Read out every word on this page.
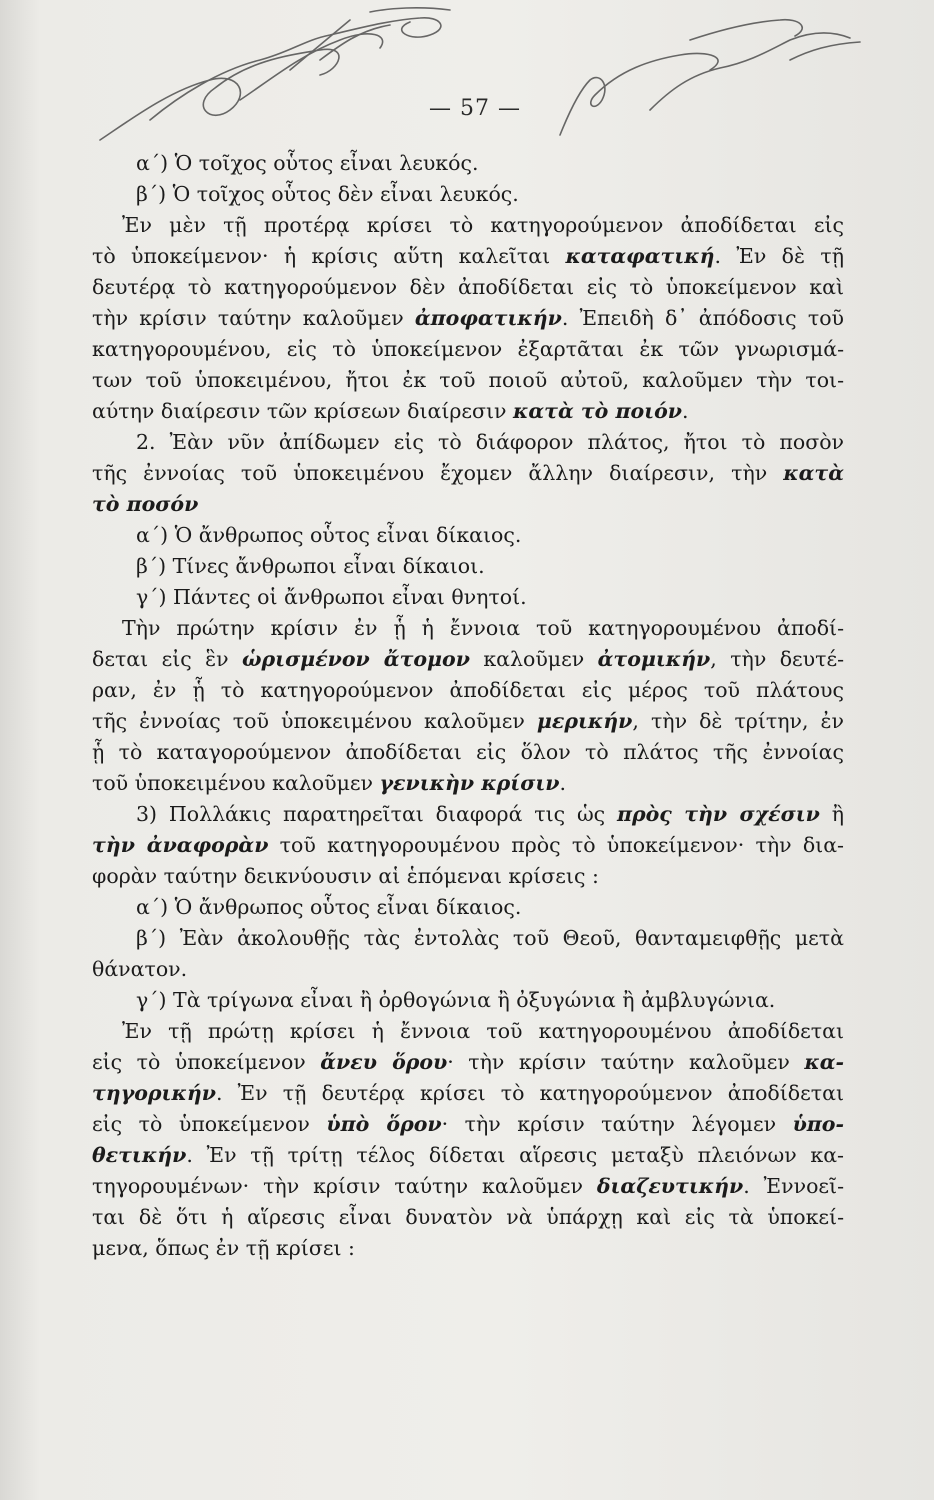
— 57 —
α΄) Ὁ τοῖχος οὗτος εἶναι λευκός.
β΄) Ὁ τοῖχος οὗτος δὲν εἶναι λευκός.
Ἐν μὲν τῇ προτέρᾳ κρίσει τὸ κατηγορούμενον ἀποδίδεται εἰς
τὸ ὑποκείμενον· ἡ κρίσις αὕτη καλεῖται καταφατική. Ἐν δὲ τῇ
δευτέρᾳ τὸ κατηγορούμενον δὲν ἀποδίδεται εἰς τὸ ὑποκείμενον καὶ
τὴν κρίσιν ταύτην καλοῦμεν ἀποφατικήν. Ἐπειδὴ δ᾽ ἀπόδοσις τοῦ
κατηγορουμένου, εἰς τὸ ὑποκείμενον ἐξαρτᾶται ἐκ τῶν γνωρισμά-
των τοῦ ὑποκειμένου, ἤτοι ἐκ τοῦ ποιοῦ αὐτοῦ, καλοῦμεν τὴν τοι-
αύτην διαίρεσιν τῶν κρίσεων διαίρεσιν κατὰ τὸ ποιόν.
2. Ἐὰν νῦν ἀπίδωμεν εἰς τὸ διάφορον πλάτος, ἤτοι τὸ ποσὸν
τῆς ἐννοίας τοῦ ὑποκειμένου ἔχομεν ἄλλην διαίρεσιν, τὴν κατὰ
τὸ ποσόν
α΄) Ὁ ἄνθρωπος οὗτος εἶναι δίκαιος.
β΄) Τίνες ἄνθρωποι εἶναι δίκαιοι.
γ΄) Πάντες οἱ ἄνθρωποι εἶναι θνητοί.
Τὴν πρώτην κρίσιν ἐν ᾗ ἡ ἔννοια τοῦ κατηγορουμένου ἀποδί-
δεται εἰς ἓν ὡρισμένον ἄτομον καλοῦμεν ἀτομικήν, τὴν δευτέ-
ραν, ἐν ᾗ τὸ κατηγορούμενον ἀποδίδεται εἰς μέρος τοῦ πλάτους
τῆς ἐννοίας τοῦ ὑποκειμένου καλοῦμεν μερικήν, τὴν δὲ τρίτην, ἐν
ᾗ τὸ καταγορούμενον ἀποδίδεται εἰς ὅλον τὸ πλάτος τῆς ἐννοίας
τοῦ ὑποκειμένου καλοῦμεν γενικὴν κρίσιν.
3) Πολλάκις παρατηρεῖται διαφορά τις ὡς πρὸς τὴν σχέσιν ἢ
τὴν ἀναφορὰν τοῦ κατηγορουμένου πρὸς τὸ ὑποκείμενον· τὴν δια-
φορὰν ταύτην δεικνύουσιν αἱ ἑπόμεναι κρίσεις :
α΄) Ὁ ἄνθρωπος οὗτος εἶναι δίκαιος.
β΄) Ἐὰν ἀκολουθῇς τὰς ἐντολὰς τοῦ Θεοῦ, θανταμειφθῇς μετὰ
θάνατον.
γ΄) Τὰ τρίγωνα εἶναι ἢ ὀρθογώνια ἢ ὀξυγώνια ἢ ἀμβλυγώνια.
Ἐν τῇ πρώτῃ κρίσει ἡ ἔννοια τοῦ κατηγορουμένου ἀποδίδεται
εἰς τὸ ὑποκείμενον ἄνευ ὅρου· τὴν κρίσιν ταύτην καλοῦμεν κα-
τηγορικήν. Ἐν τῇ δευτέρᾳ κρίσει τὸ κατηγορούμενον ἀποδίδεται
εἰς τὸ ὑποκείμενον ὑπὸ ὅρον· τὴν κρίσιν ταύτην λέγομεν ὑπο-
θετικήν. Ἐν τῇ τρίτῃ τέλος δίδεται αἵρεσις μεταξὺ πλειόνων κα-
τηγορουμένων· τὴν κρίσιν ταύτην καλοῦμεν διαζευτικήν. Ἐννοεῖ-
ται δὲ ὅτι ἡ αἵρεσις εἶναι δυνατὸν νὰ ὑπάρχῃ καὶ εἰς τὰ ὑποκεί-
μενα, ὅπως ἐν τῇ κρίσει :
